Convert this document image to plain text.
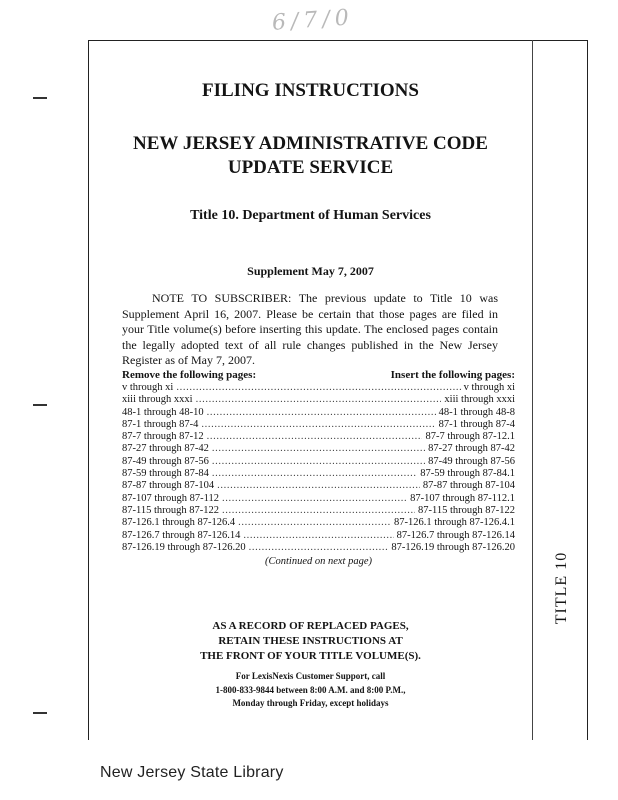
6/7/0
TITLE 10
FILING INSTRUCTIONS
NEW JERSEY ADMINISTRATIVE CODE
UPDATE SERVICE
Title 10. Department of Human Services
Supplement May 7, 2007

NOTE TO SUBSCRIBER: The previous update to Title 10 was Supplement April 16, 2007. Please be certain that those pages are filed in your Title volume(s) before inserting this update. The enclosed pages contain the legally adopted text of all rule changes published in the New Jersey Register as of May 7, 2007.

Remove the following pages:	Insert the following pages:
v through xi . . .	v through xi
xiii through xxxi . . .	xiii through xxxi
48-1 through 48-10 . . .	48-1 through 48-8
87-1 through 87-4 . . .	87-1 through 87-4
87-7 through 87-12 . . .	87-7 through 87-12.1
87-27 through 87-42 . . .	87-27 through 87-42
87-49 through 87-56 . . .	87-49 through 87-56
87-59 through 87-84 . . .	87-59 through 87-84.1
87-87 through 87-104 . . .	87-87 through 87-104
87-107 through 87-112 . . .	87-107 through 87-112.1
87-115 through 87-122 . . .	87-115 through 87-122
87-126.1 through 87-126.4 . . .	87-126.1 through 87-126.4.1
87-126.7 through 87-126.14 . . .	87-126.7 through 87-126.14
87-126.19 through 87-126.20 . . .	87-126.19 through 87-126.20
(Continued on next page)
AS A RECORD OF REPLACED PAGES,
RETAIN THESE INSTRUCTIONS AT
THE FRONT OF YOUR TITLE VOLUME(S).
For LexisNexis Customer Support, call
1-800-833-9844 between 8:00 A.M. and 8:00 P.M.,
Monday through Friday, except holidays
New Jersey State Library
